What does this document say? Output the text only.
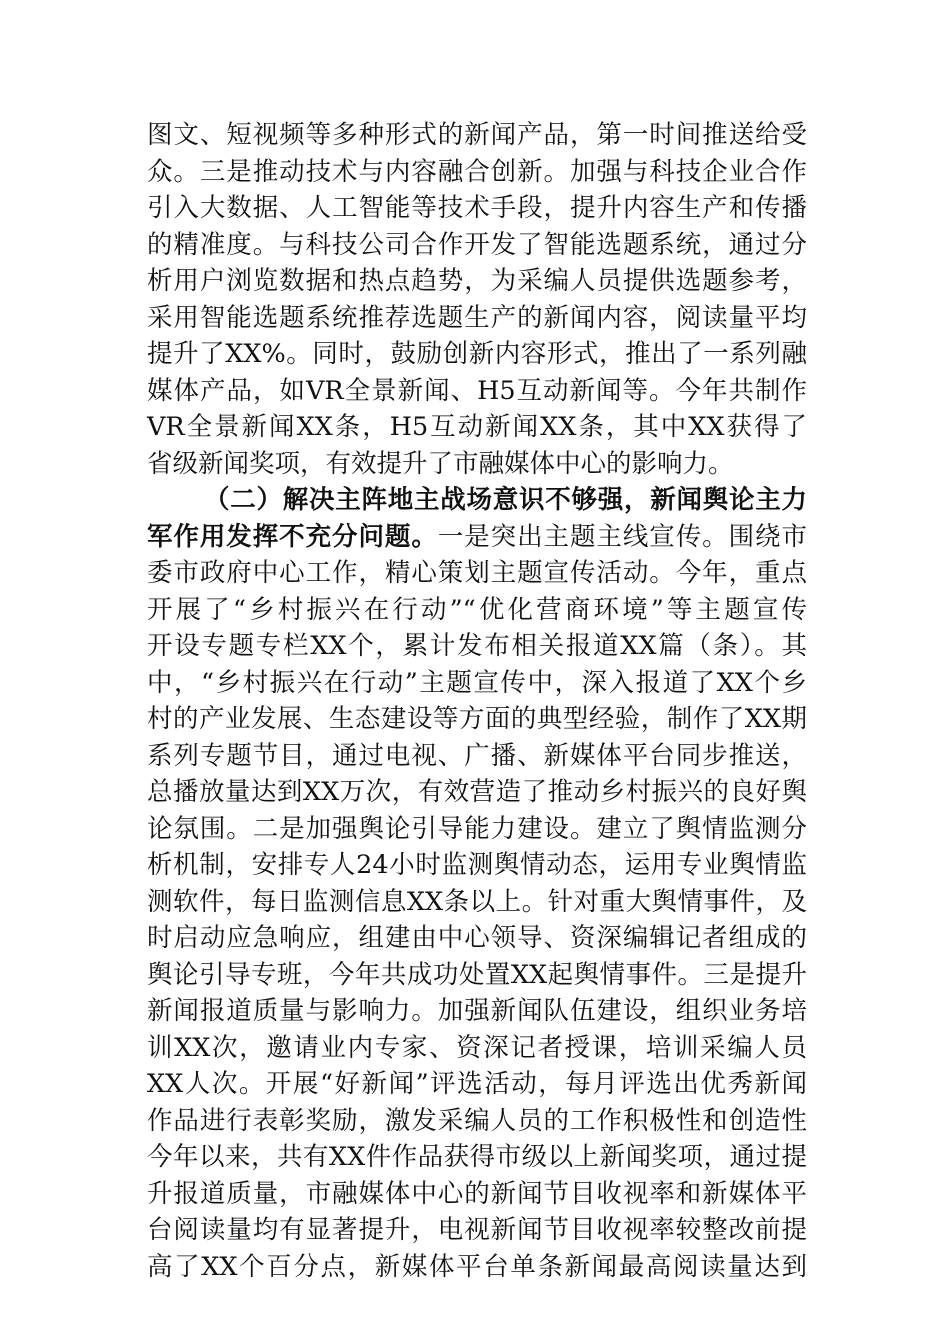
图文、短视频等多种形式的新闻产品，第一时间推送给受
众。三是推动技术与内容融合创新。加强与科技企业合作
引入大数据、人工智能等技术手段，提升内容生产和传播
的精准度。与科技公司合作开发了智能选题系统，通过分
析用户浏览数据和热点趋势，为采编人员提供选题参考，
采用智能选题系统推荐选题生产的新闻内容，阅读量平均
提升了XX%。同时，鼓励创新内容形式，推出了一系列融
媒体产品，如VR全景新闻、H5互动新闻等。今年共制作
VR全景新闻XX条，H5互动新闻XX条，其中XX获得了
省级新闻奖项，有效提升了市融媒体中心的影响力。
（二）解决主阵地主战场意识不够强，新闻舆论主力
军作用发挥不充分问题。一是突出主题主线宣传。围绕市
委市政府中心工作，精心策划主题宣传活动。今年，重点
开展了“乡村振兴在行动”“优化营商环境”等主题宣传
开设专题专栏XX个，累计发布相关报道XX篇（条）。其
中，“乡村振兴在行动”主题宣传中，深入报道了XX个乡
村的产业发展、生态建设等方面的典型经验，制作了XX期
系列专题节目，通过电视、广播、新媒体平台同步推送，
总播放量达到XX万次，有效营造了推动乡村振兴的良好舆
论氛围。二是加强舆论引导能力建设。建立了舆情监测分
析机制，安排专人24小时监测舆情动态，运用专业舆情监
测软件，每日监测信息XX条以上。针对重大舆情事件，及
时启动应急响应，组建由中心领导、资深编辑记者组成的
舆论引导专班，今年共成功处置XX起舆情事件。三是提升
新闻报道质量与影响力。加强新闻队伍建设，组织业务培
训XX次，邀请业内专家、资深记者授课，培训采编人员
XX人次。开展“好新闻”评选活动，每月评选出优秀新闻
作品进行表彰奖励，激发采编人员的工作积极性和创造性
今年以来，共有XX件作品获得市级以上新闻奖项，通过提
升报道质量，市融媒体中心的新闻节目收视率和新媒体平
台阅读量均有显著提升，电视新闻节目收视率较整改前提
高了XX个百分点，新媒体平台单条新闻最高阅读量达到
